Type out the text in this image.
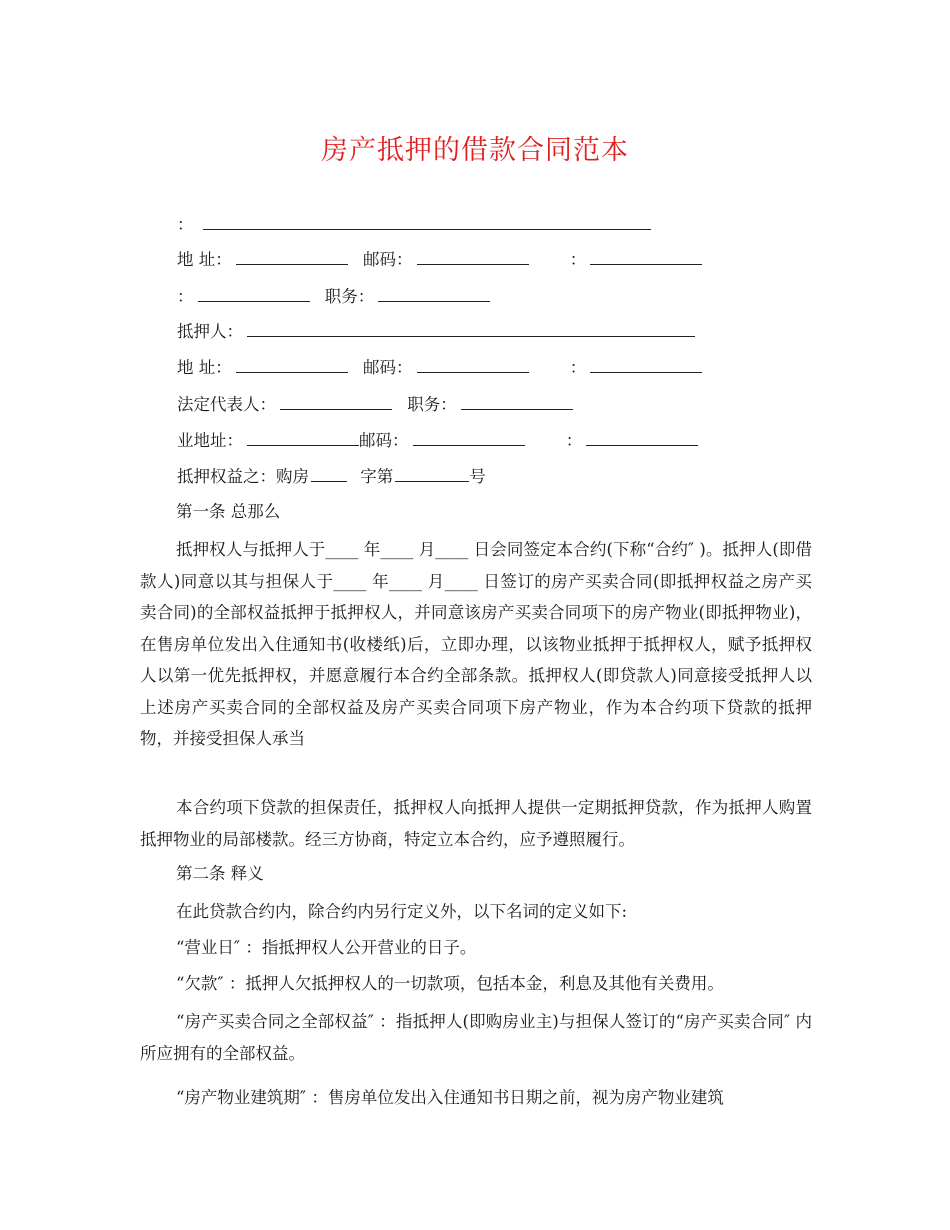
房产抵押的借款合同范本
：
地 址：	邮码：	：
：	职务：
抵押人：
地 址：	邮码：	：
法定代表人：	职务：
业地址：	邮码：	：
抵押权益之：购房	字第	号
第一条 总那么
抵押权人与抵押人于____ 年____ 月____ 日会同签定本合约(下称“合约″ )。抵押人(即借款人)同意以其与担保人于____ 年____ 月____ 日签订的房产买卖合同(即抵押权益之房产买卖合同)的全部权益抵押于抵押权人，并同意该房产买卖合同项下的房产物业(即抵押物业)，在售房单位发出入住通知书(收楼纸)后，立即办理，以该物业抵押于抵押权人，赋予抵押权人以第一优先抵押权，并愿意履行本合约全部条款。抵押权人(即贷款人)同意接受抵押人以上述房产买卖合同的全部权益及房产买卖合同项下房产物业，作为本合约项下贷款的抵押物，并接受担保人承当
本合约项下贷款的担保责任，抵押权人向抵押人提供一定期抵押贷款，作为抵押人购置抵押物业的局部楼款。经三方协商，特定立本合约，应予遵照履行。
第二条 释义
在此贷款合约内，除合约内另行定义外，以下名词的定义如下:
“营业日″ ：指抵押权人公开营业的日子。
“欠款″ ：抵押人欠抵押权人的一切款项，包括本金，利息及其他有关费用。
“房产买卖合同之全部权益″ ：指抵押人(即购房业主)与担保人签订的“房产买卖合同″ 内所应拥有的全部权益。
“房产物业建筑期″ ：售房单位发出入住通知书日期之前，视为房产物业建筑
